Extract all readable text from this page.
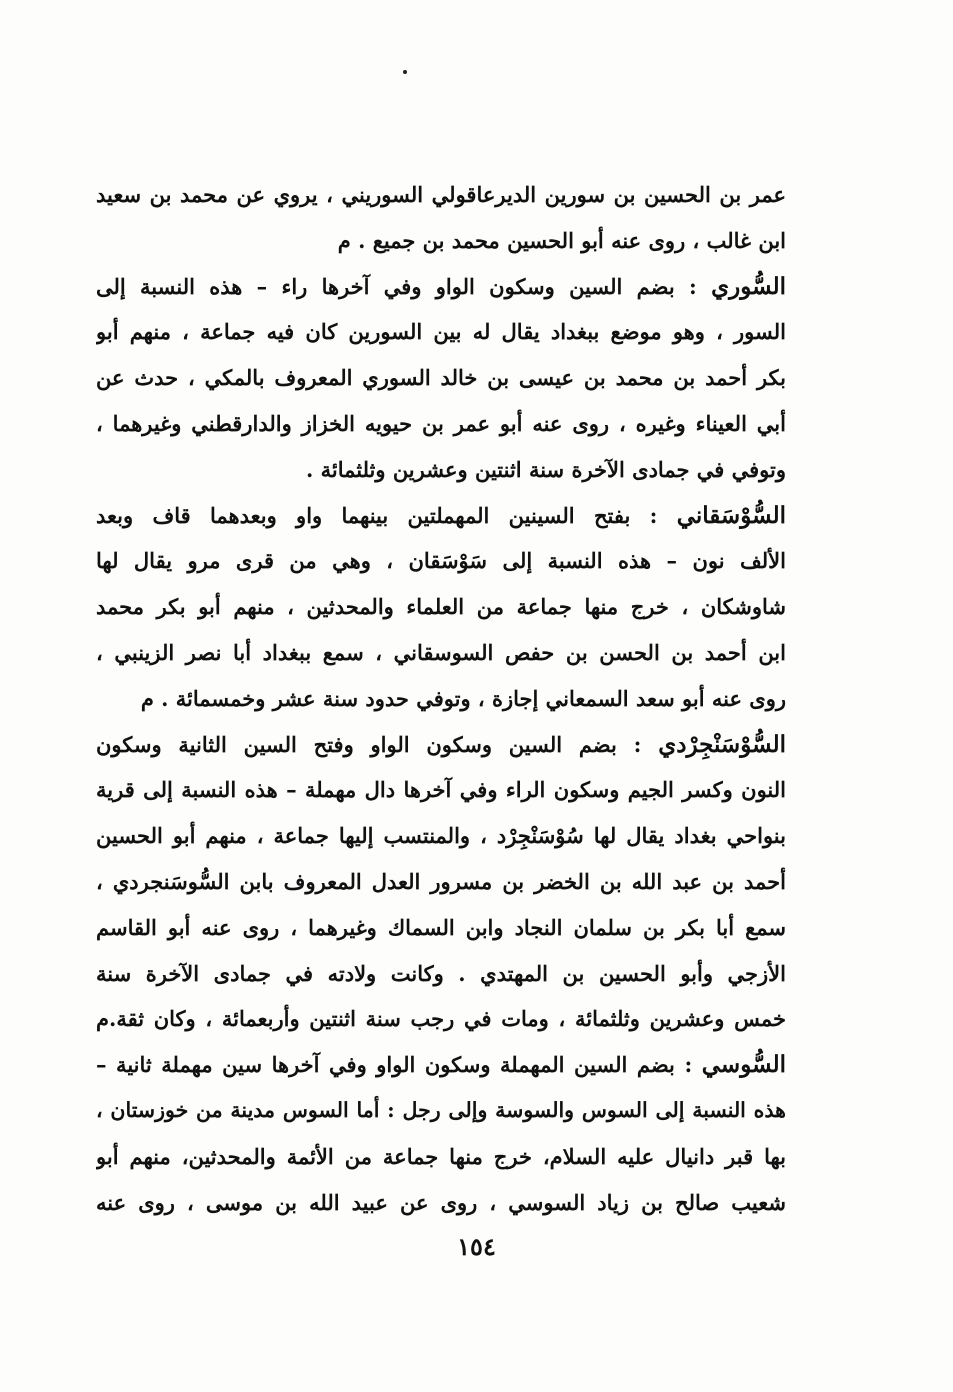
عمر بن الحسين بن سورين الديرعاقولي السوريني ، يروي عن محمد بن سعيد
ابن غالب ، روى عنه أبو الحسين محمد بن جميع . م
السُّوري : بضم السين وسكون الواو وفي آخرها راء – هذه النسبة إلى
السور ، وهو موضع ببغداد يقال له بين السورين كان فيه جماعة ، منهم أبو
بكر أحمد بن محمد بن عيسى بن خالد السوري المعروف بالمكي ، حدث عن
أبي العيناء وغيره ، روى عنه أبو عمر بن حيويه الخزاز والدارقطني وغيرهما ،
وتوفي في جمادى الآخرة سنة اثنتين وعشرين وثلثمائة .
السُّوْسَقاني : بفتح السينين المهملتين بينهما واو وبعدهما قاف وبعد
الألف نون – هذه النسبة إلى سَوْسَقان ، وهي من قرى مرو يقال لها
شاوشكان ، خرج منها جماعة من العلماء والمحدثين ، منهم أبو بكر محمد
ابن أحمد بن الحسن بن حفص السوسقاني ، سمع ببغداد أبا نصر الزينبي ،
روى عنه أبو سعد السمعاني إجازة ، وتوفي حدود سنة عشر وخمسمائة . م
السُّوْسَنْجِرْدي : بضم السين وسكون الواو وفتح السين الثانية وسكون
النون وكسر الجيم وسكون الراء وفي آخرها دال مهملة – هذه النسبة إلى قرية
بنواحي بغداد يقال لها سُوْسَنْجِرْد ، والمنتسب إليها جماعة ، منهم أبو الحسين
أحمد بن عبد الله بن الخضر بن مسرور العدل المعروف بابن السُّوسَنجردي ،
سمع أبا بكر بن سلمان النجاد وابن السماك وغيرهما ، روى عنه أبو القاسم
الأزجي وأبو الحسين بن المهتدي . وكانت ولادته في جمادى الآخرة سنة
خمس وعشرين وثلثمائة ، ومات في رجب سنة اثنتين وأربعمائة ، وكان ثقة.م
السُّوسي : بضم السين المهملة وسكون الواو وفي آخرها سين مهملة ثانية –
هذه النسبة إلى السوس والسوسة وإلى رجل : أما السوس مدينة من خوزستان ،
بها قبر دانيال عليه السلام، خرج منها جماعة من الأئمة والمحدثين، منهم أبو
شعيب صالح بن زياد السوسي ، روى عن عبيد الله بن موسى ، روى عنه
١٥٤
